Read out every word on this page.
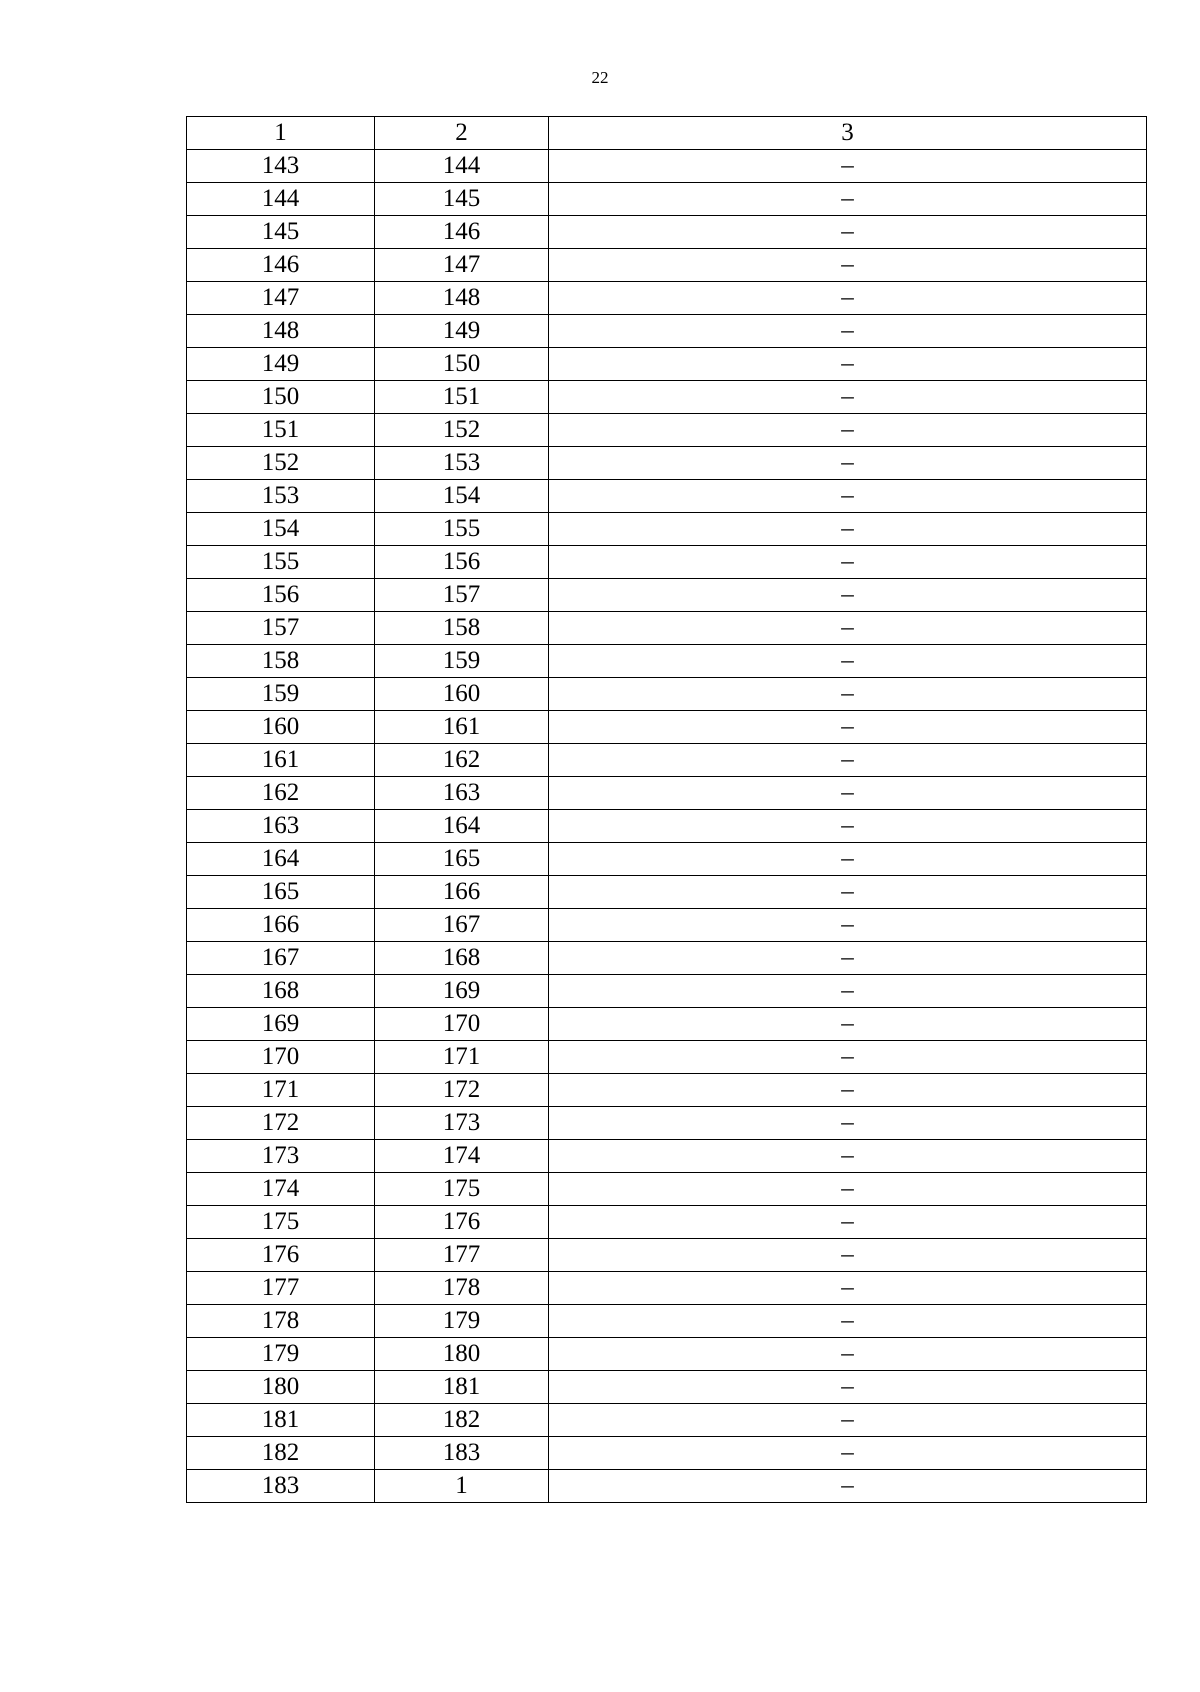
22
1	2	3
143	144	–
144	145	–
145	146	–
146	147	–
147	148	–
148	149	–
149	150	–
150	151	–
151	152	–
152	153	–
153	154	–
154	155	–
155	156	–
156	157	–
157	158	–
158	159	–
159	160	–
160	161	–
161	162	–
162	163	–
163	164	–
164	165	–
165	166	–
166	167	–
167	168	–
168	169	–
169	170	–
170	171	–
171	172	–
172	173	–
173	174	–
174	175	–
175	176	–
176	177	–
177	178	–
178	179	–
179	180	–
180	181	–
181	182	–
182	183	–
183	1	–
